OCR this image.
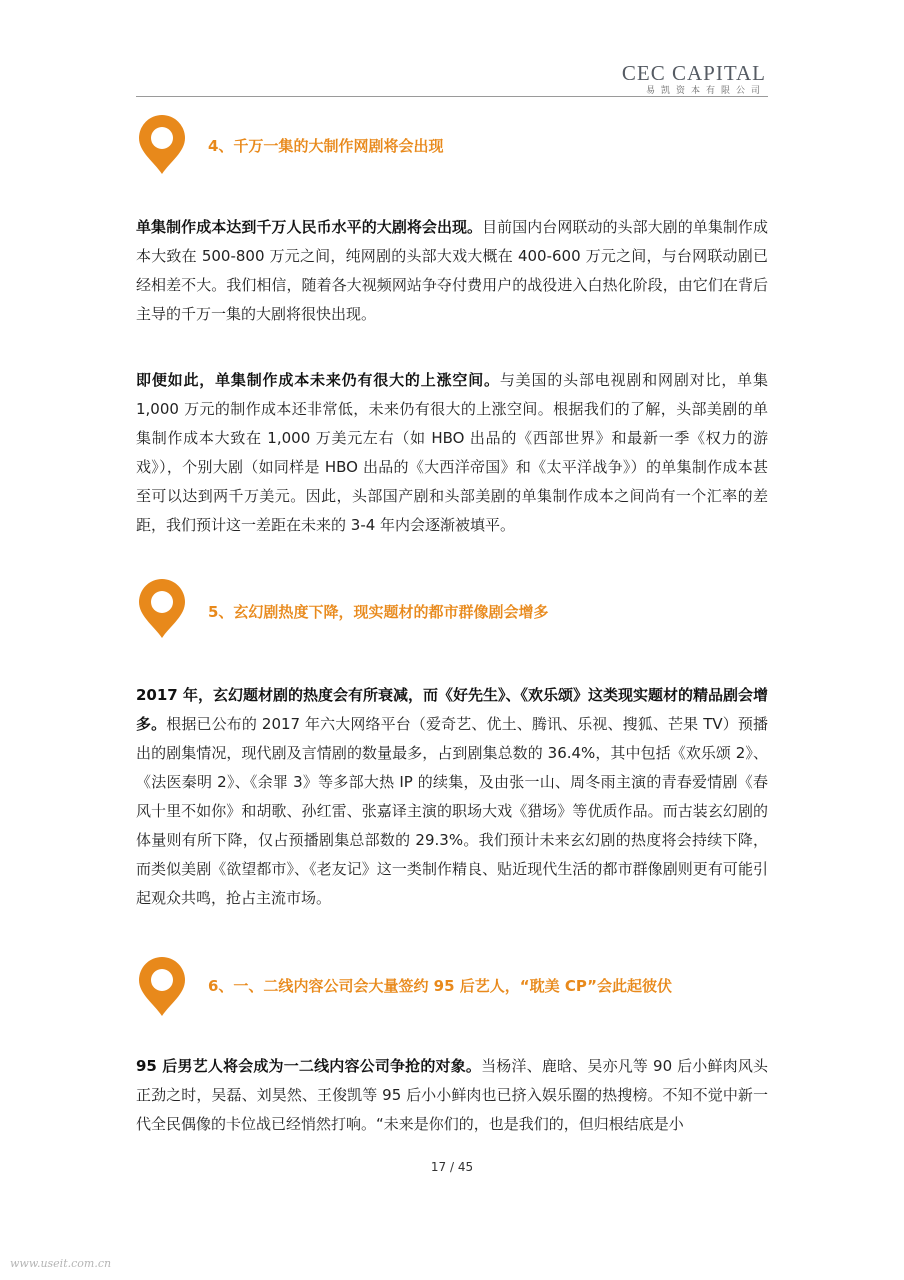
CEC CAPITAL
易凯资本有限公司
4、千万一集的大制作网剧将会出现

单集制作成本达到千万人民币水平的大剧将会出现。目前国内台网联动的头部大剧的单集制作成本大致在 500-800 万元之间，纯网剧的头部大戏大概在 400-600 万元之间，与台网联动剧已经相差不大。我们相信，随着各大视频网站争夺付费用户的战役进入白热化阶段，由它们在背后主导的千万一集的大剧将很快出现。

即便如此，单集制作成本未来仍有很大的上涨空间。与美国的头部电视剧和网剧对比，单集 1,000 万元的制作成本还非常低，未来仍有很大的上涨空间。根据我们的了解，头部美剧的单集制作成本大致在 1,000 万美元左右（如 HBO 出品的《西部世界》和最新一季《权力的游戏》），个别大剧（如同样是 HBO 出品的《大西洋帝国》和《太平洋战争》）的单集制作成本甚至可以达到两千万美元。因此，头部国产剧和头部美剧的单集制作成本之间尚有一个汇率的差距，我们预计这一差距在未来的 3-4 年内会逐渐被填平。

5、玄幻剧热度下降，现实题材的都市群像剧会增多

2017 年，玄幻题材剧的热度会有所衰减，而《好先生》、《欢乐颂》这类现实题材的精品剧会增多。根据已公布的 2017 年六大网络平台（爱奇艺、优土、腾讯、乐视、搜狐、芒果 TV）预播出的剧集情况，现代剧及言情剧的数量最多，占到剧集总数的 36.4%，其中包括《欢乐颂 2》、《法医秦明 2》、《余罪 3》等多部大热 IP 的续集，及由张一山、周冬雨主演的青春爱情剧《春风十里不如你》和胡歌、孙红雷、张嘉译主演的职场大戏《猎场》等优质作品。而古装玄幻剧的体量则有所下降，仅占预播剧集总部数的 29.3%。我们预计未来玄幻剧的热度将会持续下降，而类似美剧《欲望都市》、《老友记》这一类制作精良、贴近现代生活的都市群像剧则更有可能引起观众共鸣，抢占主流市场。

6、一、二线内容公司会大量签约 95 后艺人，“耽美 CP”会此起彼伏

95 后男艺人将会成为一二线内容公司争抢的对象。当杨洋、鹿晗、吴亦凡等 90 后小鲜肉风头正劲之时，吴磊、刘昊然、王俊凯等 95 后小小鲜肉也已挤入娱乐圈的热搜榜。不知不觉中新一代全民偶像的卡位战已经悄然打响。“未来是你们的，也是我们的，但归根结底是小

17 / 45
www.useit.com.cn
